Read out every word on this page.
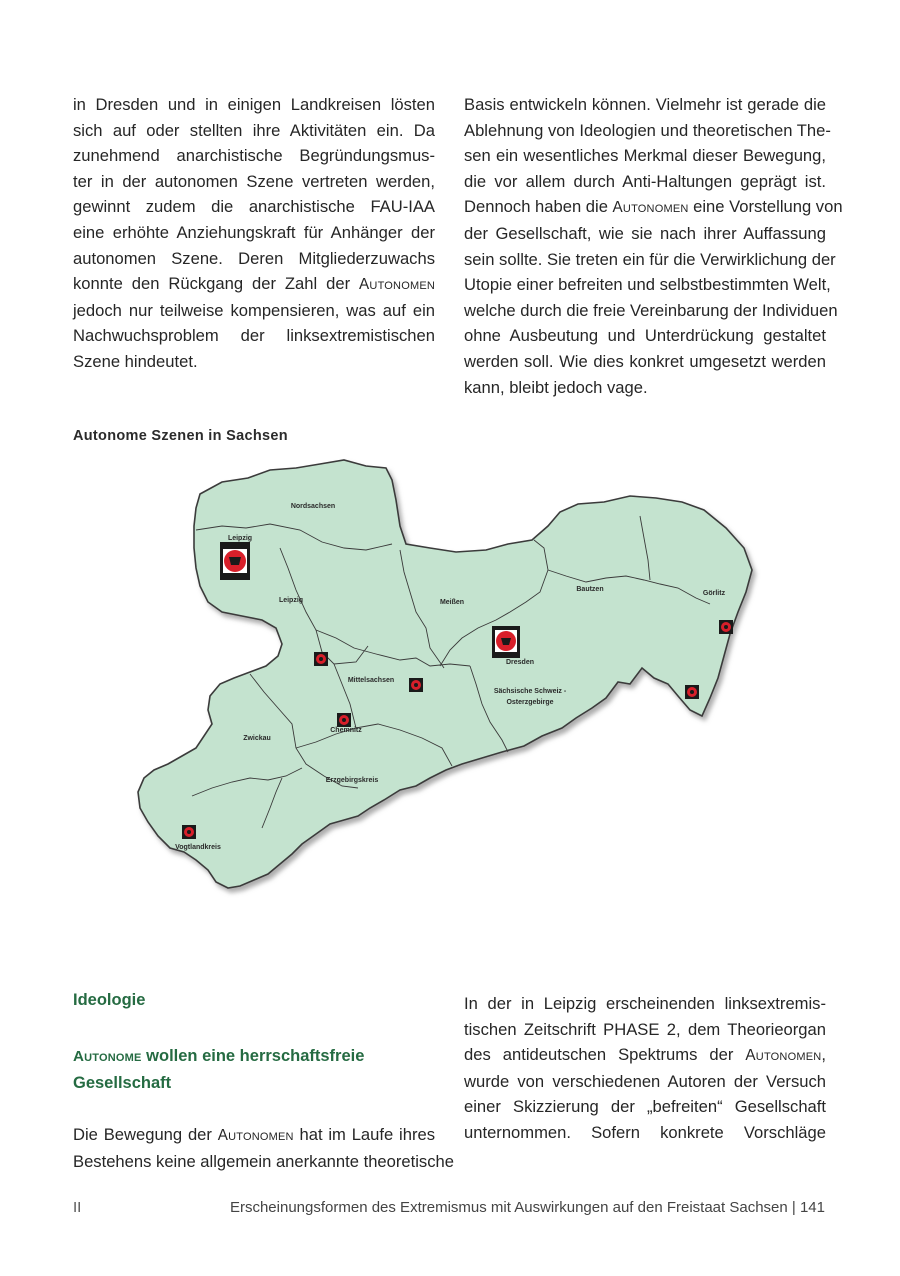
in Dresden und in einigen Landkreisen lösten
sich auf oder stellten ihre Aktivitäten ein. Da
zunehmend anarchistische Begründungsmus-
ter in der autonomen Szene vertreten werden,
gewinnt zudem die anarchistische FAU-IAA
eine erhöhte Anziehungskraft für Anhänger der
autonomen Szene. Deren Mitgliederzuwachs
konnte den Rückgang der Zahl der Autonomen
jedoch nur teilweise kompensieren, was auf ein
Nachwuchsproblem der linksextremistischen
Szene hindeutet.
Basis entwickeln können. Vielmehr ist gerade die
Ablehnung von Ideologien und theoretischen The-
sen ein wesentliches Merkmal dieser Bewegung,
die vor allem durch Anti-Haltungen geprägt ist.
Dennoch haben die Autonomen eine Vorstellung von
der Gesellschaft, wie sie nach ihrer Auffassung
sein sollte. Sie treten ein für die Verwirklichung der
Utopie einer befreiten und selbstbestimmten Welt,
welche durch die freie Vereinbarung der Individuen
ohne Ausbeutung und Unterdrückung gestaltet
werden soll. Wie dies konkret umgesetzt werden
kann, bleibt jedoch vage.
Autonome Szenen in Sachsen
Nordsachsen
Leipzig
Leipzig	Meißen
Bautzen
Görlitz
Dresden
Mittelsachsen
Sächsische Schweiz -
Osterzgebirge
Zwickau
Chemnitz
Erzgebirgskreis
Vogtlandkreis
Ideologie
Autonome wollen eine herrschaftsfreie
Gesellschaft
Die Bewegung der Autonomen hat im Laufe ihres
Bestehens keine allgemein anerkannte theoretische
In der in Leipzig erscheinenden linksextremis-
tischen Zeitschrift PHASE 2, dem Theorieorgan
des antideutschen Spektrums der Autonomen,
wurde von verschiedenen Autoren der Versuch
einer Skizzierung der „befreiten“ Gesellschaft
unternommen. Sofern konkrete Vorschläge
II	Erscheinungsformen des Extremismus mit Auswirkungen auf den Freistaat Sachsen | 141
